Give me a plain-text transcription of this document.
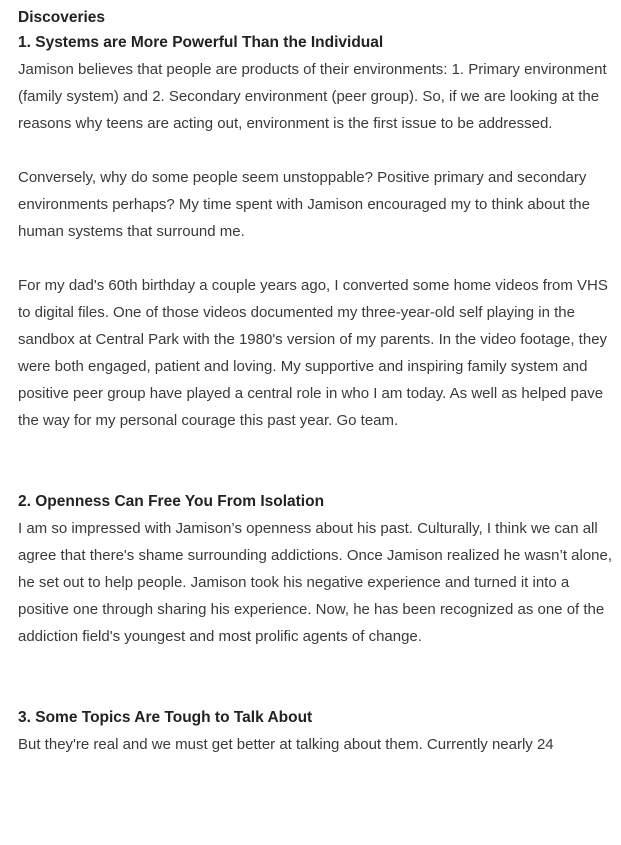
Discoveries
1. Systems are More Powerful Than the Individual

Jamison believes that people are products of their environments: 1. Primary environment (family system) and 2. Secondary environment (peer group). So, if we are looking at the reasons why teens are acting out, environment is the first issue to be addressed.

Conversely, why do some people seem unstoppable? Positive primary and secondary environments perhaps? My time spent with Jamison encouraged my to think about the human systems that surround me.

For my dad's 60th birthday a couple years ago, I converted some home videos from VHS to digital files. One of those videos documented my three-year-old self playing in the sandbox at Central Park with the 1980's version of my parents. In the video footage, they were both engaged, patient and loving. My supportive and inspiring family system and positive peer group have played a central role in who I am today. As well as helped pave the way for my personal courage this past year. Go team.

2. Openness Can Free You From Isolation

I am so impressed with Jamison’s openness about his past. Culturally, I think we can all agree that there's shame surrounding addictions. Once Jamison realized he wasn’t alone, he set out to help people. Jamison took his negative experience and turned it into a positive one through sharing his experience. Now, he has been recognized as one of the addiction field's youngest and most prolific agents of change.

3. Some Topics Are Tough to Talk About

But they're real and we must get better at talking about them. Currently nearly 24
